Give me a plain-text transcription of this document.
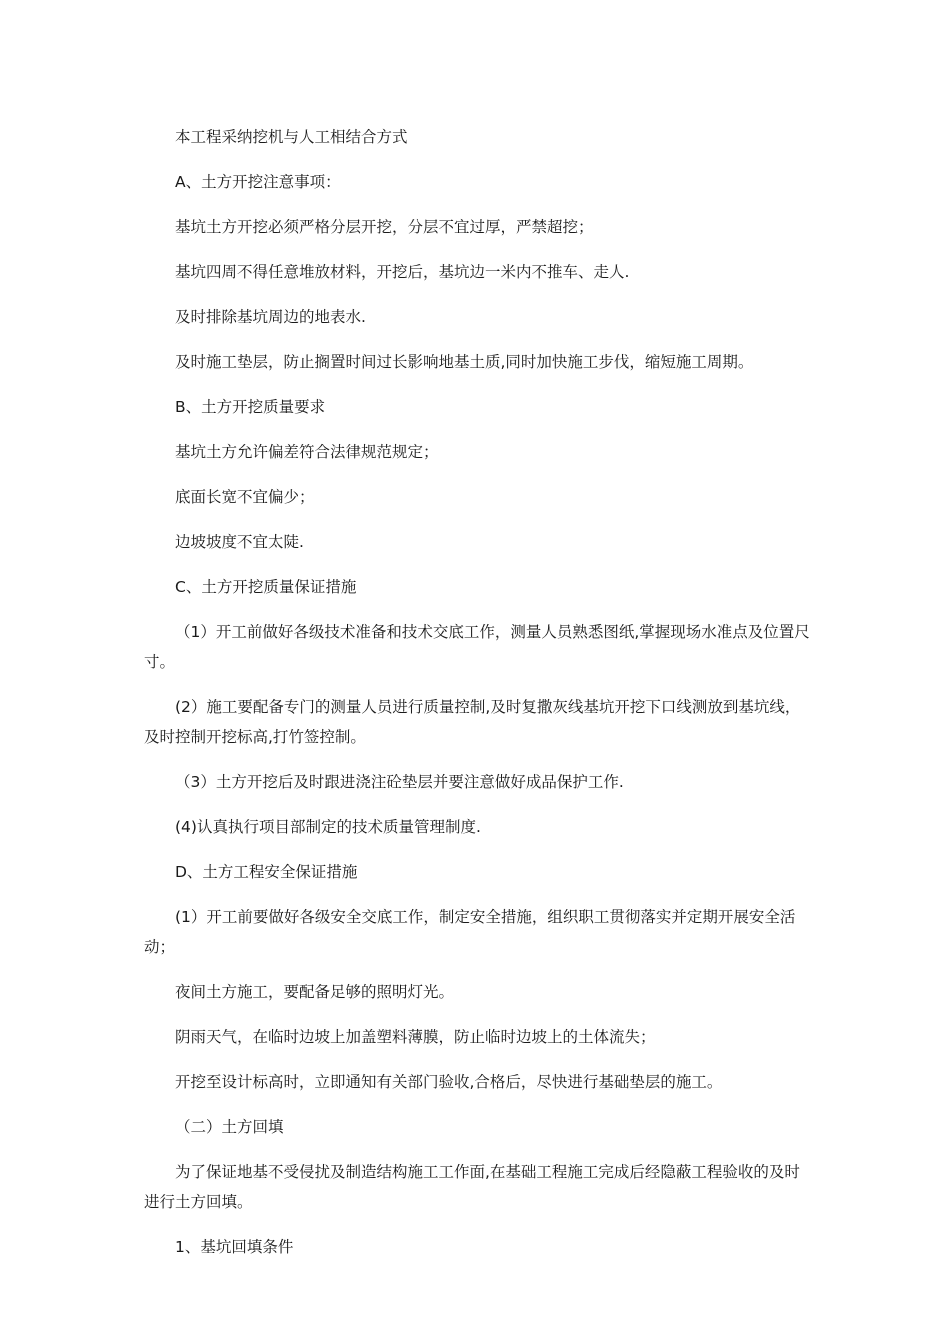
本工程采纳挖机与人工相结合方式

A、土方开挖注意事项：

基坑土方开挖必须严格分层开挖，分层不宜过厚，严禁超挖；

基坑四周不得任意堆放材料，开挖后，基坑边一米内不推车、走人.

及时排除基坑周边的地表水.

及时施工垫层，防止搁置时间过长影响地基土质,同时加快施工步伐，缩短施工周期。

B、土方开挖质量要求

基坑土方允许偏差符合法律规范规定；

底面长宽不宜偏少；

边坡坡度不宜太陡.

C、土方开挖质量保证措施

（1）开工前做好各级技术准备和技术交底工作，测量人员熟悉图纸,掌握现场水准点及位置尺寸。

(2）施工要配备专门的测量人员进行质量控制,及时复撒灰线基坑开挖下口线测放到基坑线，及时控制开挖标高,打竹签控制。

（3）土方开挖后及时跟进浇注砼垫层并要注意做好成品保护工作.

(4)认真执行项目部制定的技术质量管理制度.

D、土方工程安全保证措施

(1）开工前要做好各级安全交底工作，制定安全措施，组织职工贯彻落实并定期开展安全活动；

夜间土方施工，要配备足够的照明灯光。

阴雨天气，在临时边坡上加盖塑料薄膜，防止临时边坡上的土体流失；

开挖至设计标高时，立即通知有关部门验收,合格后，尽快进行基础垫层的施工。

（二）土方回填

为了保证地基不受侵扰及制造结构施工工作面,在基础工程施工完成后经隐蔽工程验收的及时进行土方回填。

1、基坑回填条件
